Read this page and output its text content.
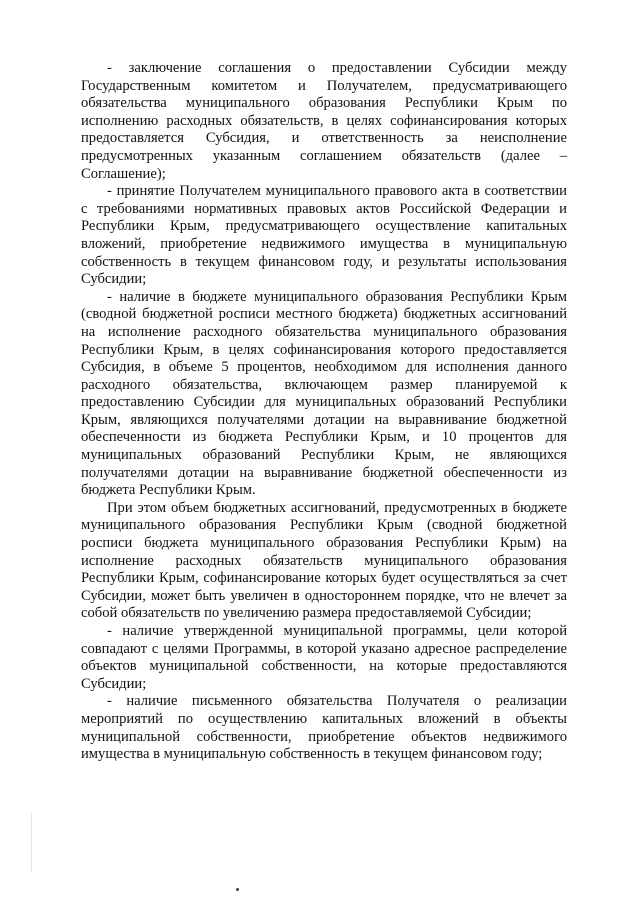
- заключение соглашения о предоставлении Субсидии между Государственным комитетом и Получателем, предусматривающего обязательства муниципального образования Республики Крым по исполнению расходных обязательств, в целях софинансирования которых предоставляется Субсидия, и ответственность за неисполнение предусмотренных указанным соглашением обязательств (далее – Соглашение);

- принятие Получателем муниципального правового акта в соответствии с требованиями нормативных правовых актов Российской Федерации и Республики Крым, предусматривающего осуществление капитальных вложений, приобретение недвижимого имущества в муниципальную собственность в текущем финансовом году, и результаты использования Субсидии;

- наличие в бюджете муниципального образования Республики Крым (сводной бюджетной росписи местного бюджета) бюджетных ассигнований на исполнение расходного обязательства муниципального образования Республики Крым, в целях софинансирования которого предоставляется Субсидия, в объеме 5 процентов, необходимом для исполнения данного расходного обязательства, включающем размер планируемой к предоставлению Субсидии для муниципальных образований Республики Крым, являющихся получателями дотации на выравнивание бюджетной обеспеченности из бюджета Республики Крым, и 10 процентов для муниципальных образований Республики Крым, не являющихся получателями дотации на выравнивание бюджетной обеспеченности из бюджета Республики Крым.

При этом объем бюджетных ассигнований, предусмотренных в бюджете муниципального образования Республики Крым (сводной бюджетной росписи бюджета муниципального образования Республики Крым) на исполнение расходных обязательств муниципального образования Республики Крым, софинансирование которых будет осуществляться за счет Субсидии, может быть увеличен в одностороннем порядке, что не влечет за собой обязательств по увеличению размера предоставляемой Субсидии;

- наличие утвержденной муниципальной программы, цели которой совпадают с целями Программы, в которой указано адресное распределение объектов муниципальной собственности, на которые предоставляются Субсидии;

- наличие письменного обязательства Получателя о реализации мероприятий по осуществлению капитальных вложений в объекты муниципальной собственности, приобретение объектов недвижимого имущества в муниципальную собственность в текущем финансовом году;
